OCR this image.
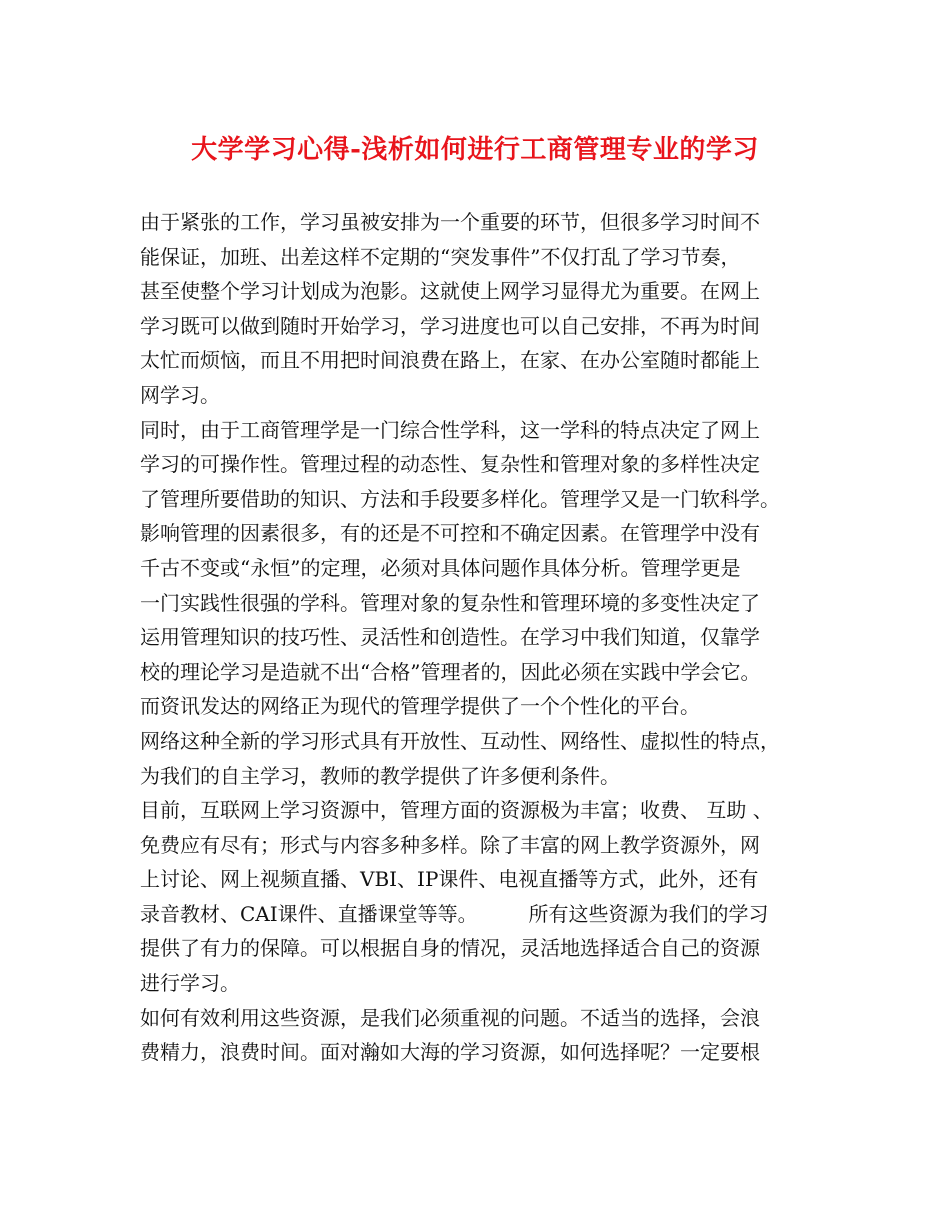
大学学习心得-浅析如何进行工商管理专业的学习

由于紧张的工作，学习虽被安排为一个重要的环节，但很多学习时间不
能保证，加班、出差这样不定期的“突发事件”不仅打乱了学习节奏，
甚至使整个学习计划成为泡影。这就使上网学习显得尤为重要。在网上
学习既可以做到随时开始学习，学习进度也可以自己安排，不再为时间
太忙而烦恼，而且不用把时间浪费在路上，在家、在办公室随时都能上
网学习。

同时，由于工商管理学是一门综合性学科，这一学科的特点决定了网上
学习的可操作性。管理过程的动态性、复杂性和管理对象的多样性决定
了管理所要借助的知识、方法和手段要多样化。管理学又是一门软科学。
影响管理的因素很多，有的还是不可控和不确定因素。在管理学中没有
千古不变或“永恒”的定理，必须对具体问题作具体分析。管理学更是
一门实践性很强的学科。管理对象的复杂性和管理环境的多变性决定了
运用管理知识的技巧性、灵活性和创造性。在学习中我们知道，仅靠学
校的理论学习是造就不出“合格”管理者的，因此必须在实践中学会它。
而资讯发达的网络正为现代的管理学提供了一个个性化的平台。

网络这种全新的学习形式具有开放性、互动性、网络性、虚拟性的特点，
为我们的自主学习，教师的教学提供了许多便利条件。

目前，互联网上学习资源中，管理方面的资源极为丰富；收费、 互助 、
免费应有尽有；形式与内容多种多样。除了丰富的网上教学资源外，网
上讨论、网上视频直播、VBI、IP课件、电视直播等方式，此外，还有
录音教材、CAI课件、直播课堂等等。        所有这些资源为我们的学习
提供了有力的保障。可以根据自身的情况，灵活地选择适合自己的资源
进行学习。

如何有效利用这些资源，是我们必须重视的问题。不适当的选择，会浪
费精力，浪费时间。面对瀚如大海的学习资源，如何选择呢？一定要根
